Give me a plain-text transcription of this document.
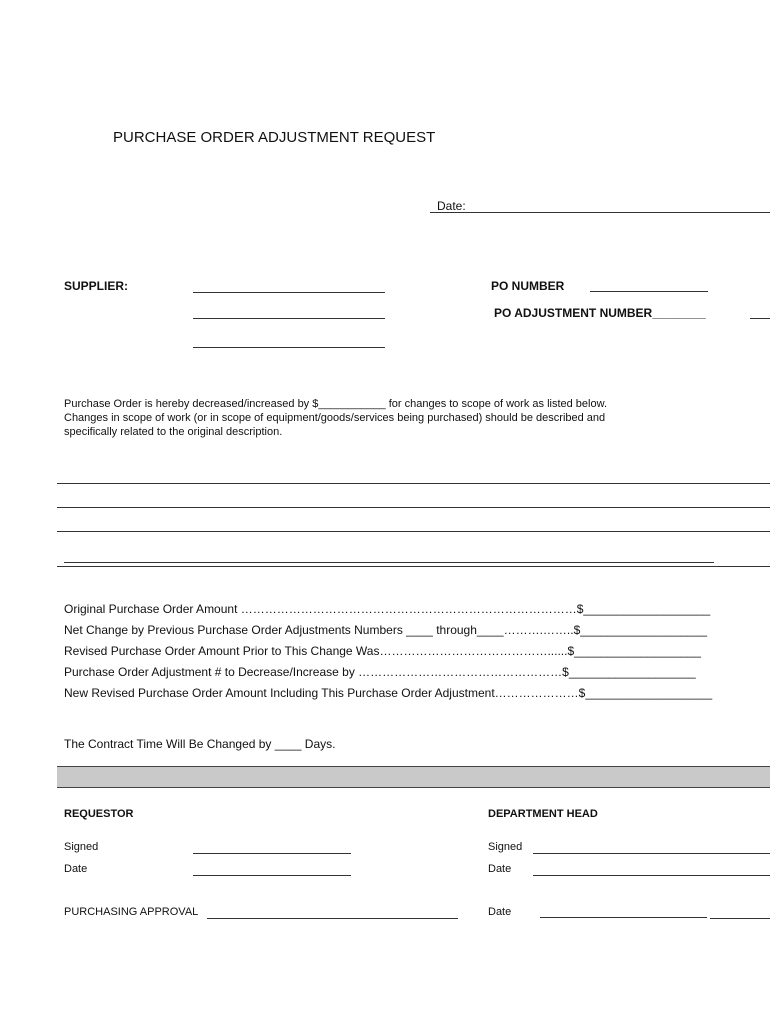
PURCHASE ORDER ADJUSTMENT REQUEST
Date:
SUPPLIER:	PO NUMBER
PO ADJUSTMENT NUMBER________

Purchase Order is hereby decreased/increased by $___________ for changes to scope of work as listed below.

Changes in scope of work (or in scope of equipment/goods/services being purchased) should be described and

specifically related to the original description.

Original Purchase Order Amount …………………………………………………………………………$___________________
Net Change by Previous Purchase Order Adjustments Numbers ____ through____……….……..$___________________
Revised Purchase Order Amount Prior to This Change Was……………………………………......$___________________
Purchase Order Adjustment # to Decrease/Increase by ……………………………………………$___________________
New Revised Purchase Order Amount Including This Purchase Order Adjustment…………………$___________________
The Contract Time Will Be Changed by ____ Days.
REQUESTOR
Signed
Date
DEPARTMENT HEAD
Signed
Date
PURCHASING APPROVAL	Date
